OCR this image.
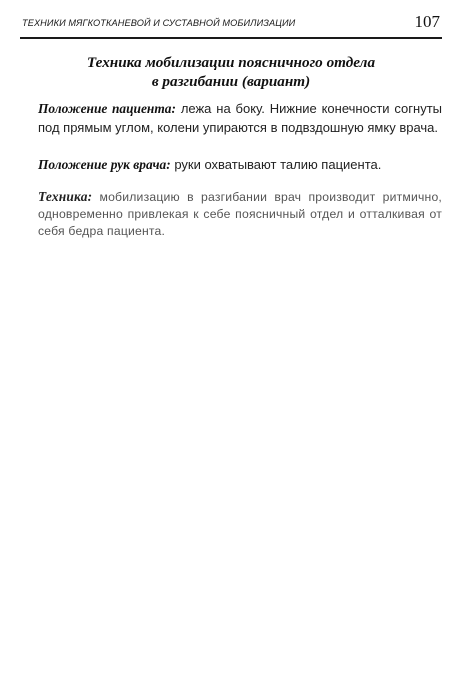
ТЕХНИКИ МЯГКОТКАНЕВОЙ И СУСТАВНОЙ МОБИЛИЗАЦИИ	107
Техника мобилизации поясничного отдела
в разгибании (вариант)
Положение пациента: лежа на боку. Нижние конечности согнуты под прямым углом, колени упираются в подвздошную ямку врача.
Положение рук врача: руки охватывают талию пациента.
Техника: мобилизацию в разгибании врач производит ритмично, одновременно привлекая к себе поясничный отдел и отталкивая от себя бедра пациента.
